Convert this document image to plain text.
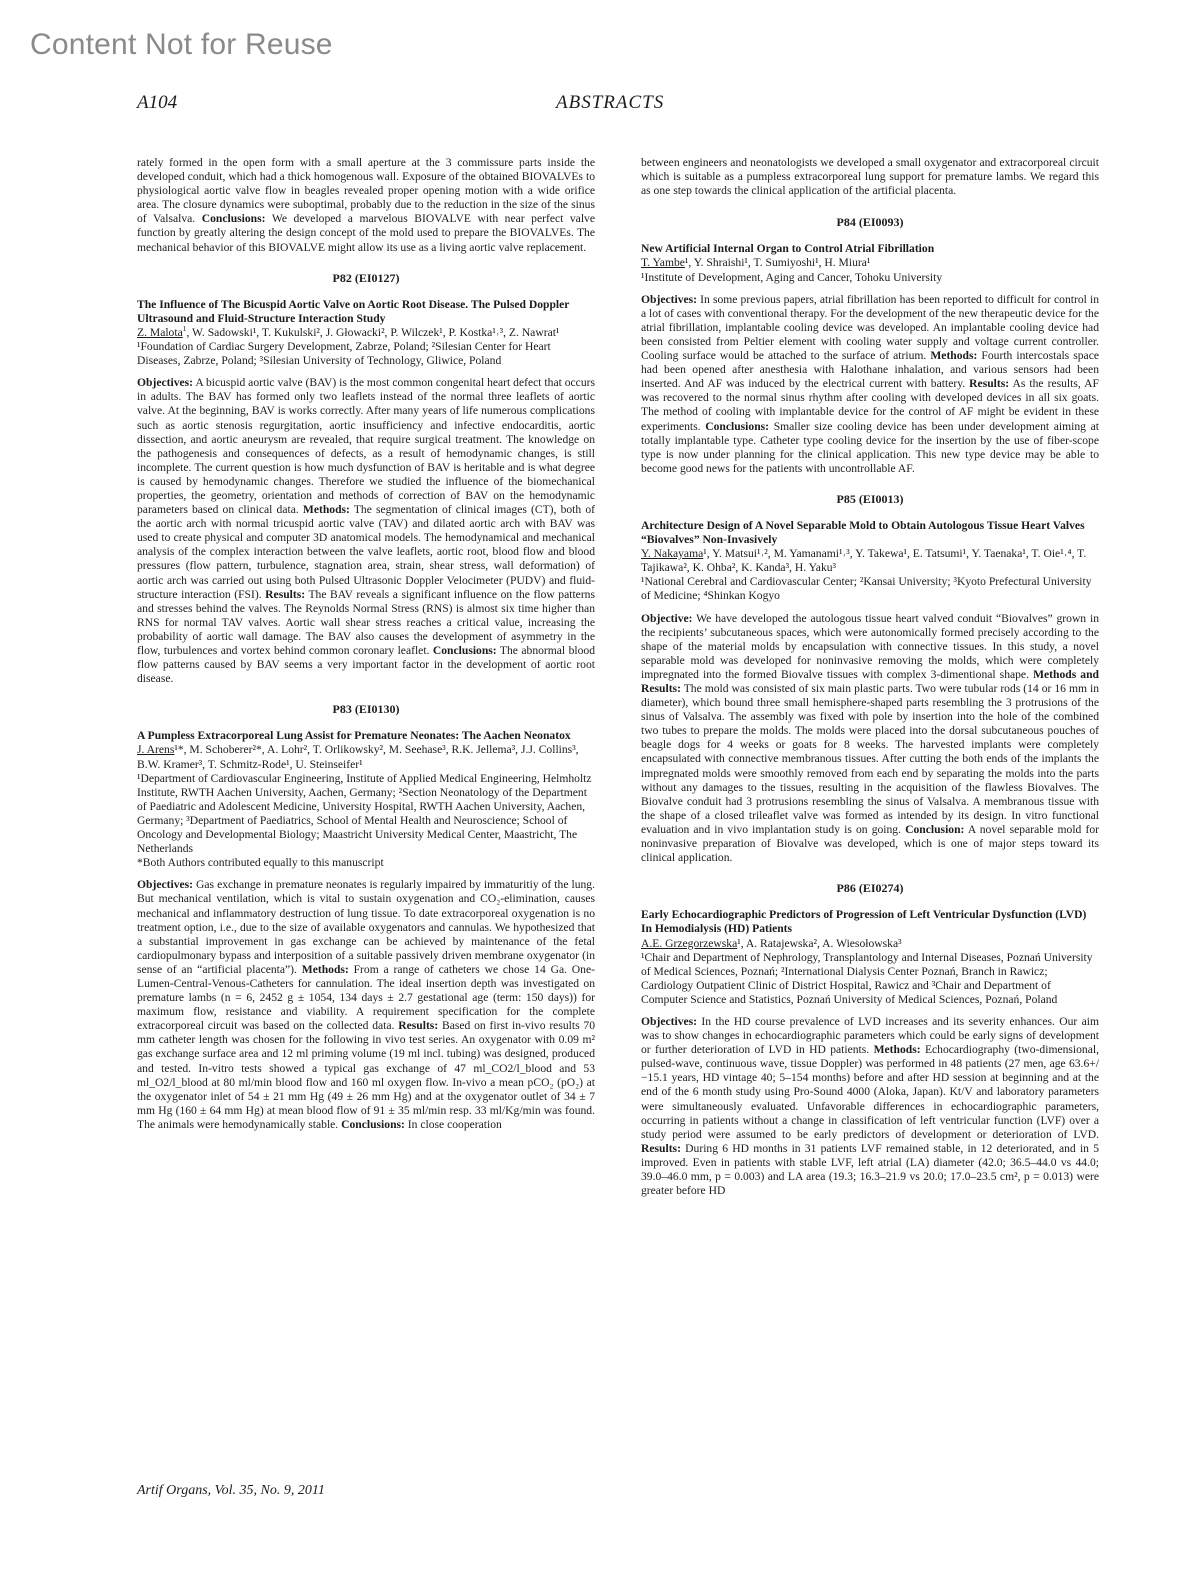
Content Not for Reuse
A104	ABSTRACTS

rately formed in the open form with a small aperture at the 3 commissure parts inside the developed conduit, which had a thick homogenous wall. Exposure of the obtained BIOVALVEs to physiological aortic valve flow in beagles revealed proper opening motion with a wide orifice area. The closure dynamics were suboptimal, probably due to the reduction in the size of the sinus of Valsalva. Conclusions: We developed a marvelous BIOVALVE with near perfect valve function by greatly altering the design concept of the mold used to prepare the BIOVALVEs. The mechanical behavior of this BIOVALVE might allow its use as a living aortic valve replacement.

P82 (EI0127)

The Influence of The Bicuspid Aortic Valve on Aortic Root Disease. The Pulsed Doppler Ultrasound and Fluid-Structure Interaction Study

Z. Malota$^1$, W. Sadowski¹, T. Kukulski², J. Głowacki², P. Wilczek¹, P. Kostka¹˒³, Z. Nawrat¹

¹Foundation of Cardiac Surgery Development, Zabrze, Poland; ²Silesian Center for Heart Diseases, Zabrze, Poland; ³Silesian University of Technology, Gliwice, Poland

Objectives: A bicuspid aortic valve (BAV) is the most common congenital heart defect that occurs in adults. The BAV has formed only two leaflets instead of the normal three leaflets of aortic valve. At the beginning, BAV is works correctly. After many years of life numerous complications such as aortic stenosis regurgitation, aortic insufficiency and infective endocarditis, aortic dissection, and aortic aneurysm are revealed, that require surgical treatment. The knowledge on the pathogenesis and consequences of defects, as a result of hemodynamic changes, is still incomplete. The current question is how much dysfunction of BAV is heritable and is what degree is caused by hemodynamic changes. Therefore we studied the influence of the biomechanical properties, the geometry, orientation and methods of correction of BAV on the hemodynamic parameters based on clinical data. Methods: The segmentation of clinical images (CT), both of the aortic arch with normal tricuspid aortic valve (TAV) and dilated aortic arch with BAV was used to create physical and computer 3D anatomical models. The hemodynamical and mechanical analysis of the complex interaction between the valve leaflets, aortic root, blood flow and blood pressures (flow pattern, turbulence, stagnation area, strain, shear stress, wall deformation) of aortic arch was carried out using both Pulsed Ultrasonic Doppler Velocimeter (PUDV) and fluid-structure interaction (FSI). Results: The BAV reveals a significant influence on the flow patterns and stresses behind the valves. The Reynolds Normal Stress (RNS) is almost six time higher than RNS for normal TAV valves. Aortic wall shear stress reaches a critical value, increasing the probability of aortic wall damage. The BAV also causes the development of asymmetry in the flow, turbulences and vortex behind common coronary leaflet. Conclusions: The abnormal blood flow patterns caused by BAV seems a very important factor in the development of aortic root disease.

P83 (EI0130)

A Pumpless Extracorporeal Lung Assist for Premature Neonates: The Aachen Neonatox

J. Arens¹*, M. Schoberer²*, A. Lohr², T. Orlikowsky², M. Seehase³, R.K. Jellema³, J.J. Collins³, B.W. Kramer³, T. Schmitz-Rode¹, U. Steinseifer¹

¹Department of Cardiovascular Engineering, Institute of Applied Medical Engineering, Helmholtz Institute, RWTH Aachen University, Aachen, Germany; ²Section Neonatology of the Department of Paediatric and Adolescent Medicine, University Hospital, RWTH Aachen University, Aachen, Germany; ³Department of Paediatrics, School of Mental Health and Neuroscience; School of Oncology and Developmental Biology; Maastricht University Medical Center, Maastricht, The Netherlands

*Both Authors contributed equally to this manuscript

Objectives: Gas exchange in premature neonates is regularly impaired by immaturitiy of the lung. But mechanical ventilation, which is vital to sustain oxygenation and CO₂-elimination, causes mechanical and inflammatory destruction of lung tissue. To date extracorporeal oxygenation is no treatment option, i.e., due to the size of available oxygenators and cannulas. We hypothesized that a substantial improvement in gas exchange can be achieved by maintenance of the fetal cardiopulmonary bypass and interposition of a suitable passively driven membrane oxygenator (in sense of an “artificial placenta”). Methods: From a range of catheters we chose 14 Ga. One-Lumen-Central-Venous-Catheters for cannulation. The ideal insertion depth was investigated on premature lambs (n = 6, 2452 g ± 1054, 134 days ± 2.7 gestational age (term: 150 days)) for maximum flow, resistance and viability. A requirement specification for the complete extracorporeal circuit was based on the collected data. Results: Based on first in-vivo results 70 mm catheter length was chosen for the following in vivo test series. An oxygenator with 0.09 m² gas exchange surface area and 12 ml priming volume (19 ml incl. tubing) was designed, produced and tested. In-vitro tests showed a typical gas exchange of 47 ml_CO2/l_blood and 53 ml_O2/l_blood at 80 ml/min blood flow and 160 ml oxygen flow. In-vivo a mean pCO₂ (pO₂) at the oxygenator inlet of 54 ± 21 mm Hg (49 ± 26 mm Hg) and at the oxygenator outlet of 34 ± 7 mm Hg (160 ± 64 mm Hg) at mean blood flow of 91 ± 35 ml/min resp. 33 ml/Kg/min was found. The animals were hemodynamically stable. Conclusions: In close cooperation

between engineers and neonatologists we developed a small oxygenator and extracorporeal circuit which is suitable as a pumpless extracorporeal lung support for premature lambs. We regard this as one step towards the clinical application of the artificial placenta.

P84 (EI0093)

New Artificial Internal Organ to Control Atrial Fibrillation

T. Yambe¹, Y. Shraishi¹, T. Sumiyoshi¹, H. Miura¹

¹Institute of Development, Aging and Cancer, Tohoku University

Objectives: In some previous papers, atrial fibrillation has been reported to difficult for control in a lot of cases with conventional therapy. For the development of the new therapeutic device for the atrial fibrillation, implantable cooling device was developed. An implantable cooling device had been consisted from Peltier element with cooling water supply and voltage current controller. Cooling surface would be attached to the surface of atrium. Methods: Fourth intercostals space had been opened after anesthesia with Halothane inhalation, and various sensors had been inserted. And AF was induced by the electrical current with battery. Results: As the results, AF was recovered to the normal sinus rhythm after cooling with developed devices in all six goats. The method of cooling with implantable device for the control of AF might be evident in these experiments. Conclusions: Smaller size cooling device has been under development aiming at totally implantable type. Catheter type cooling device for the insertion by the use of fiber-scope type is now under planning for the clinical application. This new type device may be able to become good news for the patients with uncontrollable AF.

P85 (EI0013)

Architecture Design of A Novel Separable Mold to Obtain Autologous Tissue Heart Valves “Biovalves” Non-Invasively

Y. Nakayama¹, Y. Matsui¹˒², M. Yamanami¹˒³, Y. Takewa¹, E. Tatsumi¹, Y. Taenaka¹, T. Oie¹˒⁴, T. Tajikawa², K. Ohba², K. Kanda³, H. Yaku³

¹National Cerebral and Cardiovascular Center; ²Kansai University; ³Kyoto Prefectural University of Medicine; ⁴Shinkan Kogyo

Objective: We have developed the autologous tissue heart valved conduit “Biovalves” grown in the recipients’ subcutaneous spaces, which were autonomically formed precisely according to the shape of the material molds by encapsulation with connective tissues. In this study, a novel separable mold was developed for noninvasive removing the molds, which were completely impregnated into the formed Biovalve tissues with complex 3-dimentional shape. Methods and Results: The mold was consisted of six main plastic parts. Two were tubular rods (14 or 16 mm in diameter), which bound three small hemisphere-shaped parts resembling the 3 protrusions of the sinus of Valsalva. The assembly was fixed with pole by insertion into the hole of the combined two tubes to prepare the molds. The molds were placed into the dorsal subcutaneous pouches of beagle dogs for 4 weeks or goats for 8 weeks. The harvested implants were completely encapsulated with connective membranous tissues. After cutting the both ends of the implants the impregnated molds were smoothly removed from each end by separating the molds into the parts without any damages to the tissues, resulting in the acquisition of the flawless Biovalves. The Biovalve conduit had 3 protrusions resembling the sinus of Valsalva. A membranous tissue with the shape of a closed trileaflet valve was formed as intended by its design. In vitro functional evaluation and in vivo implantation study is on going. Conclusion: A novel separable mold for noninvasive preparation of Biovalve was developed, which is one of major steps toward its clinical application.

P86 (EI0274)

Early Echocardiographic Predictors of Progression of Left Ventricular Dysfunction (LVD) In Hemodialysis (HD) Patients

A.E. Grzegorzewska¹, A. Ratajewska², A. Wiesołowska³

¹Chair and Department of Nephrology, Transplantology and Internal Diseases, Poznań University of Medical Sciences, Poznań; ²International Dialysis Center Poznań, Branch in Rawicz; Cardiology Outpatient Clinic of District Hospital, Rawicz and ³Chair and Department of Computer Science and Statistics, Poznań University of Medical Sciences, Poznań, Poland

Objectives: In the HD course prevalence of LVD increases and its severity enhances. Our aim was to show changes in echocardiographic parameters which could be early signs of development or further deterioration of LVD in HD patients. Methods: Echocardiography (two-dimensional, pulsed-wave, continuous wave, tissue Doppler) was performed in 48 patients (27 men, age 63.6+/−15.1 years, HD vintage 40; 5–154 months) before and after HD session at beginning and at the end of the 6 month study using Pro-Sound 4000 (Aloka, Japan). Kt/V and laboratory parameters were simultaneously evaluated. Unfavorable differences in echocardiographic parameters, occurring in patients without a change in classification of left ventricular function (LVF) over a study period were assumed to be early predictors of development or deterioration of LVD. Results: During 6 HD months in 31 patients LVF remained stable, in 12 deteriorated, and in 5 improved. Even in patients with stable LVF, left atrial (LA) diameter (42.0; 36.5–44.0 vs 44.0; 39.0–46.0 mm, p = 0.003) and LA area (19.3; 16.3–21.9 vs 20.0; 17.0–23.5 cm², p = 0.013) were greater before HD

Artif Organs, Vol. 35, No. 9, 2011
